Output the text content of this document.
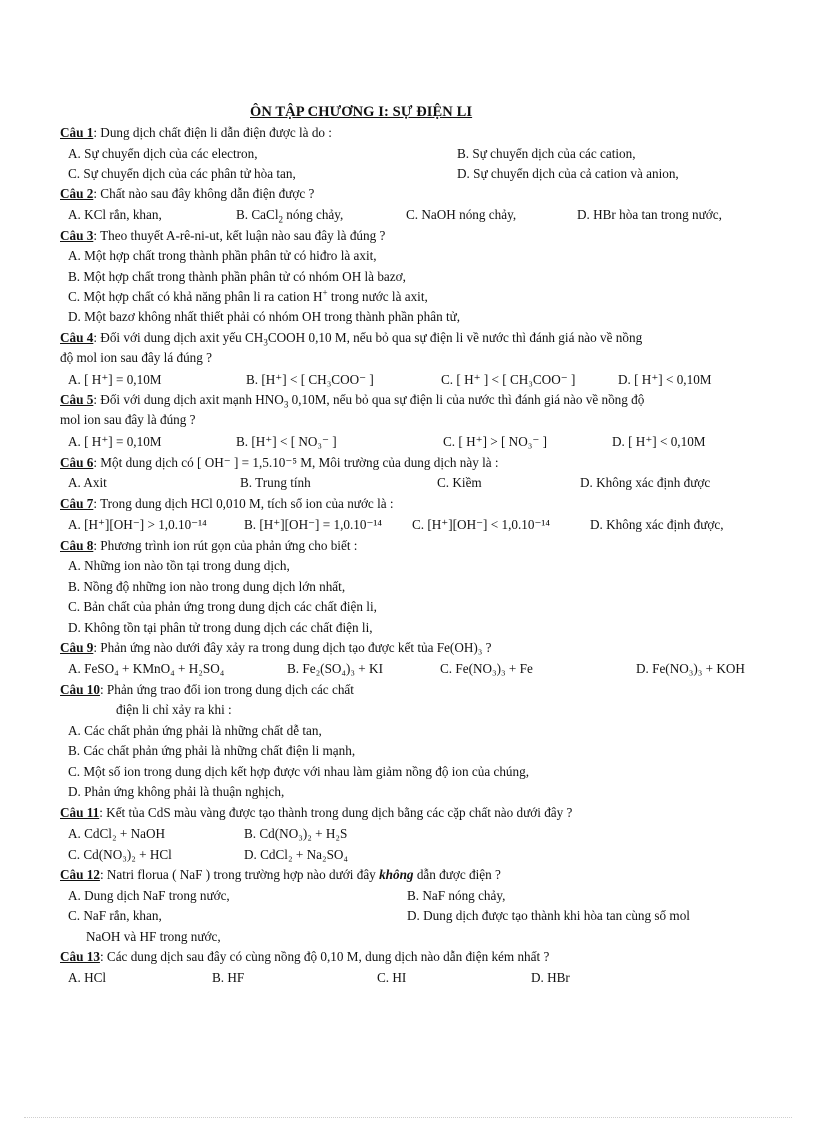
ÔN TẬP CHƯƠNG I: SỰ ĐIỆN LI
Câu 1: Dung dịch chất điện li dẫn điện được là do :
A. Sự chuyển dịch của các electron,	B. Sự chuyển dịch của các cation,
C. Sự chuyển dịch của các phân tử hòa tan,	D. Sự chuyển dịch của cả cation và anion,
Câu 2: Chất nào sau đây không dẫn điện được ?
A. KCl rắn, khan,	B. CaCl$_2$ nóng chảy,	C. NaOH nóng chảy,	D. HBr hòa tan trong nước,
Câu 3: Theo thuyết A-rê-ni-ut, kết luận nào sau đây là đúng ?
A. Một hợp chất trong thành phần phân tử có hiđro là axit,
B. Một hợp chất trong thành phần phân tử có nhóm OH là bazơ,
C. Một hợp chất có khả năng phân li ra cation H+ trong nước là axit,
D. Một bazơ không nhất thiết phải có nhóm OH trong thành phần phân tử,
Câu 4: Đối với dung dịch axit yếu $CH_3COOH$ 0,10 M, nếu bỏ qua sự điện li về nước thì đánh giá nào về nồng
độ mol ion sau đây lá đúng ?
A. [ H⁺] = 0,10M	B. [H⁺] < [ CH₃COO⁻ ]	C. [ H⁺ ] < [ CH₃COO⁻ ]	D. [ H⁺] < 0,10M
Câu 5: Đối với dung dịch axit mạnh $HNO_3$ 0,10M, nếu bỏ qua sự điện li của nước thì đánh giá nào về nồng độ
mol ion sau đây là đúng ?
A. [ H⁺] = 0,10M	B. [H⁺] < [ NO₃⁻ ]	C. [ H⁺] > [ NO₃⁻ ]	D. [ H⁺] < 0,10M
Câu 6: Một dung dịch có [ OH⁻ ] = 1,5.10⁻⁵ M, Môi trường của dung dịch này là :
A. Axit	B. Trung tính	C. Kiềm	D. Không xác định được
Câu 7: Trong dung dịch HCl 0,010 M, tích số ion của nước là :
A. [H⁺][OH⁻] > 1,0.10⁻¹⁴	B. [H⁺][OH⁻] = 1,0.10⁻¹⁴ C. [H⁺][OH⁻] < 1,0.10⁻¹⁴	D. Không xác định được,
Câu 8: Phương trình ion rút gọn của phản ứng cho biết :
A. Những ion nào tồn tại trong dung dịch,
B. Nồng độ những ion nào trong dung dịch lớn nhất,
C. Bản chất của phản ứng trong dung dịch các chất điện li,
D. Không tồn tại phân tử trong dung dịch các chất điện li,
Câu 9: Phản ứng nào dưới đây xảy ra trong dung dịch tạo được kết tủa Fe(OH)₃ ?
A. FeSO₄ + KMnO₄ + H₂SO₄	B. Fe₂(SO₄)₃ + KI	C. Fe(NO₃)₃ + Fe	D. Fe(NO₃)₃ + KOH
Câu 10: Phản ứng trao đổi ion trong dung dịch các chất
điện li chỉ xảy ra khi :
A. Các chất phản ứng phải là những chất dễ tan,
B. Các chất phản ứng phải là những chất điện li mạnh,
C. Một số ion trong dung dịch kết hợp được với nhau làm giảm nồng độ ion của chúng,
D. Phản ứng không phải là thuận nghịch,
Câu 11: Kết tủa CdS màu vàng được tạo thành trong dung dịch bằng các cặp chất nào dưới đây ?
A. CdCl₂ + NaOH	B. Cd(NO₃)₂ + H₂S
C. Cd(NO₃)₂ + HCl	D. CdCl₂ + Na₂SO₄
Câu 12: Natri florua ( NaF ) trong trường hợp nào dưới đây không dẫn được điện ?
A. Dung dịch NaF trong nước,	B. NaF nóng chảy,
C. NaF rắn, khan,	D. Dung dịch được tạo thành khi hòa tan cùng số mol
NaOH và HF trong nước,
Câu 13: Các dung dịch sau đây có cùng nồng độ 0,10 M, dung dịch nào dẫn điện kém nhất ?
A. HCl	B. HF	C. HI	D. HBr
